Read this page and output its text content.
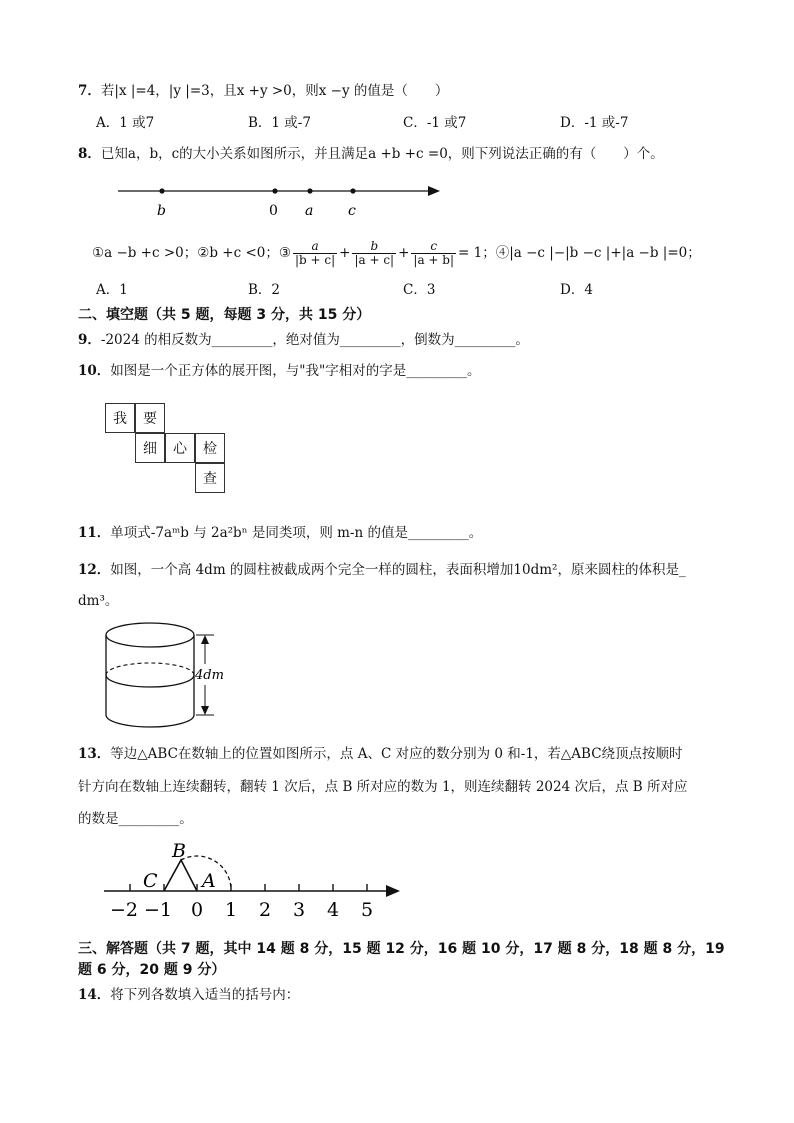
7．若|x |=4，|y |=3，且x +y >0，则x −y 的值是（　　）
A．1 或7	B．1 或-7	C．-1 或7	D．-1 或-7
8．已知a，b，c的大小关系如图所示，并且满足a +b +c =0，则下列说法正确的有（　　）个。
b	0 a c
①a −b +c >0；②b +c <0；③ $\frac{a}{|b + c|} + \frac{b}{|a + c|} + \frac{c}{|a + b|} = 1$；④|a −c |−|b −c |+|a −b |=0；
A．1	B．2	C．3	D．4
二、填空题（共 5 题，每题 3 分，共 15 分）
9．-2024 的相反数为_________，绝对值为_________，倒数为_________。
10．如图是一个正方体的展开图，与"我"字相对的字是_________。
我	要
细	心	检
查
11．单项式-7aᵐb 与 2a²bⁿ 是同类项，则 m-n 的值是_________。
12．如图，一个高 4dm 的圆柱被截成两个完全一样的圆柱，表面积增加10dm²，原来圆柱的体积是_
dm³。
4dm
13．等边△ABC在数轴上的位置如图所示，点 A、C 对应的数分别为 0 和-1，若△ABC绕顶点按顺时
针方向在数轴上连续翻转，翻转 1 次后，点 B 所对应的数为 1，则连续翻转 2024 次后，点 B 所对应
的数是_________。
B
C A
−2 −1 0 1 2 3 4 5
三、解答题（共 7 题，其中 14 题 8 分，15 题 12 分，16 题 10 分，17 题 8 分，18 题 8 分，19
题 6 分，20 题 9 分）
14．将下列各数填入适当的括号内：
